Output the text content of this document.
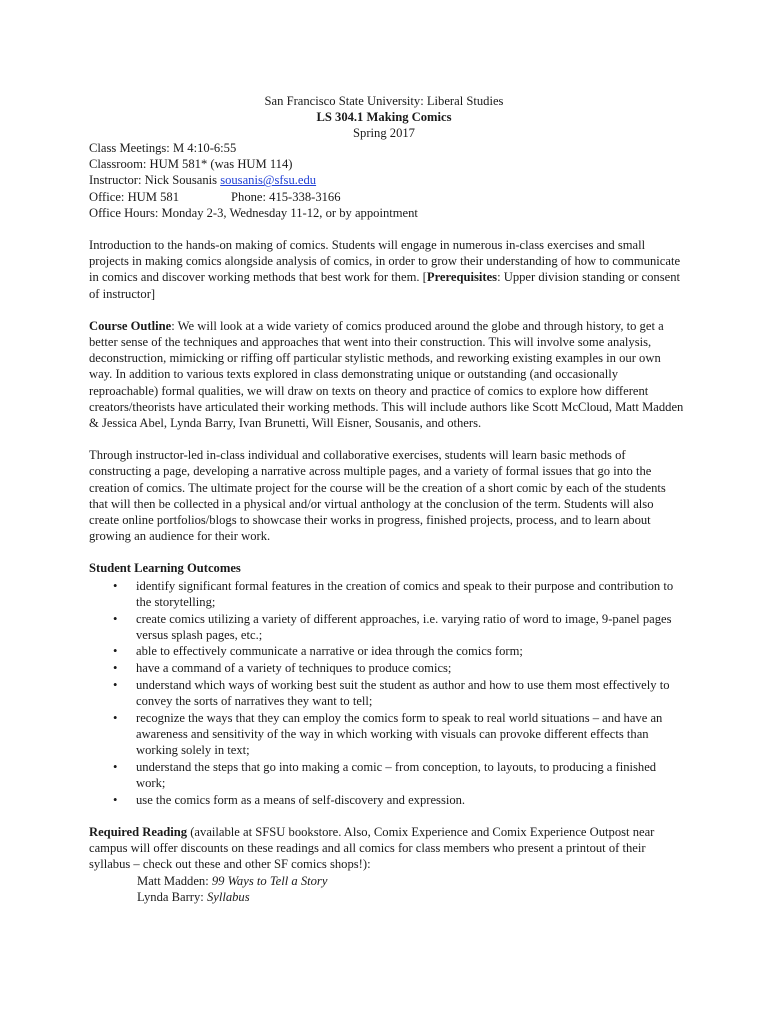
San Francisco State University: Liberal Studies
LS 304.1 Making Comics
Spring 2017
Class Meetings: M 4:10-6:55
Classroom: HUM 581* (was HUM 114)
Instructor: Nick Sousanis sousanis@sfsu.edu
Office: HUM 581	Phone: 415-338-3166
Office Hours: Monday 2-3, Wednesday 11-12, or by appointment

Introduction to the hands-on making of comics. Students will engage in numerous in-class exercises and small projects in making comics alongside analysis of comics, in order to grow their understanding of how to communicate in comics and discover working methods that best work for them. [Prerequisites: Upper division standing or consent of instructor]

Course Outline: We will look at a wide variety of comics produced around the globe and through history, to get a better sense of the techniques and approaches that went into their construction. This will involve some analysis, deconstruction, mimicking or riffing off particular stylistic methods, and reworking existing examples in our own way. In addition to various texts explored in class demonstrating unique or outstanding (and occasionally reproachable) formal qualities, we will draw on texts on theory and practice of comics to explore how different creators/theorists have articulated their working methods. This will include authors like Scott McCloud, Matt Madden & Jessica Abel, Lynda Barry, Ivan Brunetti, Will Eisner, Sousanis, and others.

Through instructor-led in-class individual and collaborative exercises, students will learn basic methods of constructing a page, developing a narrative across multiple pages, and a variety of formal issues that go into the creation of comics. The ultimate project for the course will be the creation of a short comic by each of the students that will then be collected in a physical and/or virtual anthology at the conclusion of the term. Students will also create online portfolios/blogs to showcase their works in progress, finished projects, process, and to learn about growing an audience for their work.

Student Learning Outcomes
• identify significant formal features in the creation of comics and speak to their purpose and contribution to the storytelling;
• create comics utilizing a variety of different approaches, i.e. varying ratio of word to image, 9-panel pages versus splash pages, etc.;
• able to effectively communicate a narrative or idea through the comics form;
• have a command of a variety of techniques to produce comics;
• understand which ways of working best suit the student as author and how to use them most effectively to convey the sorts of narratives they want to tell;
• recognize the ways that they can employ the comics form to speak to real world situations – and have an awareness and sensitivity of the way in which working with visuals can provoke different effects than working solely in text;
• understand the steps that go into making a comic – from conception, to layouts, to producing a finished work;
• use the comics form as a means of self-discovery and expression.

Required Reading (available at SFSU bookstore. Also, Comix Experience and Comix Experience Outpost near campus will offer discounts on these readings and all comics for class members who present a printout of their syllabus – check out these and other SF comics shops!):

Matt Madden: 99 Ways to Tell a Story
Lynda Barry: Syllabus
